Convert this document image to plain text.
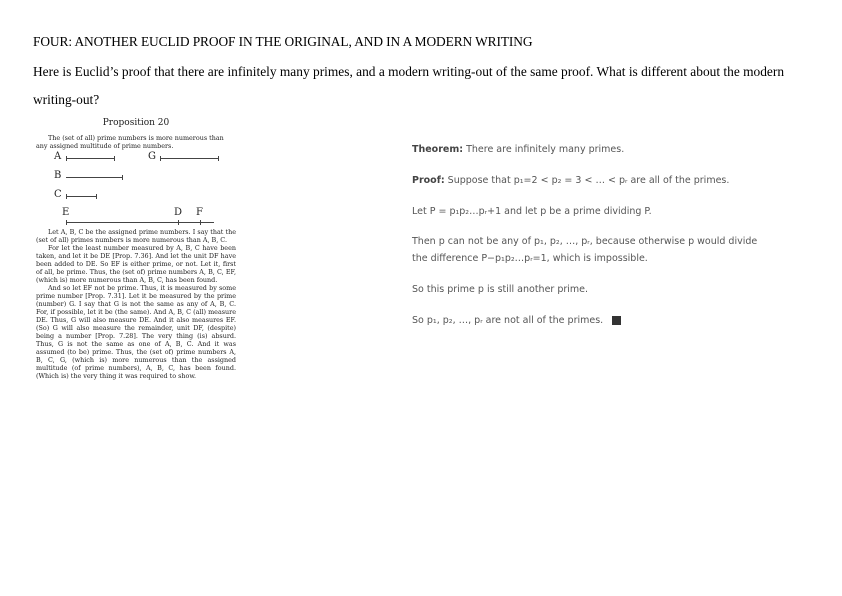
FOUR: ANOTHER EUCLID PROOF IN THE ORIGINAL, AND IN A MODERN WRITING
Here is Euclid’s proof that there are infinitely many primes, and a modern writing-out of the same proof. What is different about the modern writing-out?
Proposition 20

The (set of all) prime numbers is more numerous than any assigned multitude of prime numbers.

A	G
B
C
E	D F

Let A, B, C be the assigned prime numbers. I say that the (set of all) primes numbers is more numerous than A, B, C.

For let the least number measured by A, B, C have been taken, and let it be DE [Prop. 7.36]. And let the unit DF have been added to DE. So EF is either prime, or not. Let it, first of all, be prime. Thus, the (set of) prime numbers A, B, C, EF, (which is) more numerous than A, B, C, has been found.

And so let EF not be prime. Thus, it is measured by some prime number [Prop. 7.31]. Let it be measured by the prime (number) G. I say that G is not the same as any of A, B, C. For, if possible, let it be (the same). And A, B, C (all) measure DE. Thus, G will also measure DE. And it also measures EF. (So) G will also measure the remainder, unit DF, (despite) being a number [Prop. 7.28]. The very thing (is) absurd. Thus, G is not the same as one of A, B, C. And it was assumed (to be) prime. Thus, the (set of) prime numbers A, B, C, G, (which is) more numerous than the assigned multitude (of prime numbers), A, B, C, has been found. (Which is) the very thing it was required to show.

Theorem: There are infinitely many primes.
Proof: Suppose that p₁=2 < p₂ = 3 < … < pᵣ are all of the primes.
Let P = p₁p₂…pᵣ+1 and let p be a prime dividing P.
Then p can not be any of p₁, p₂, …, pᵣ, because otherwise p would divide
the difference P−p₁p₂…pᵣ=1, which is impossible.
So this prime p is still another prime.
So p₁, p₂, …, pᵣ are not all of the primes.
